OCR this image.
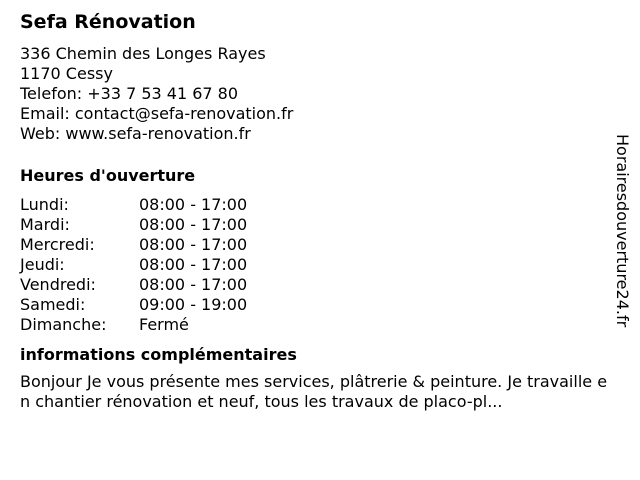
Sefa Rénovation
336 Chemin des Longes Rayes
1170 Cessy
Telefon: +33 7 53 41 67 80
Email: contact@sefa-renovation.fr
Web: www.sefa-renovation.fr
Heures d'ouverture
Lundi:	08:00 - 17:00
Mardi:	08:00 - 17:00
Mercredi:	08:00 - 17:00
Jeudi:	08:00 - 17:00
Vendredi:	08:00 - 17:00
Samedi:	09:00 - 19:00
Dimanche:	Fermé
informations complémentaires
Bonjour Je vous présente mes services, plâtrerie & peinture. Je travaille en chantier rénovation et neuf, tous les travaux de placo-pl...
Horairesdouverture24.fr
